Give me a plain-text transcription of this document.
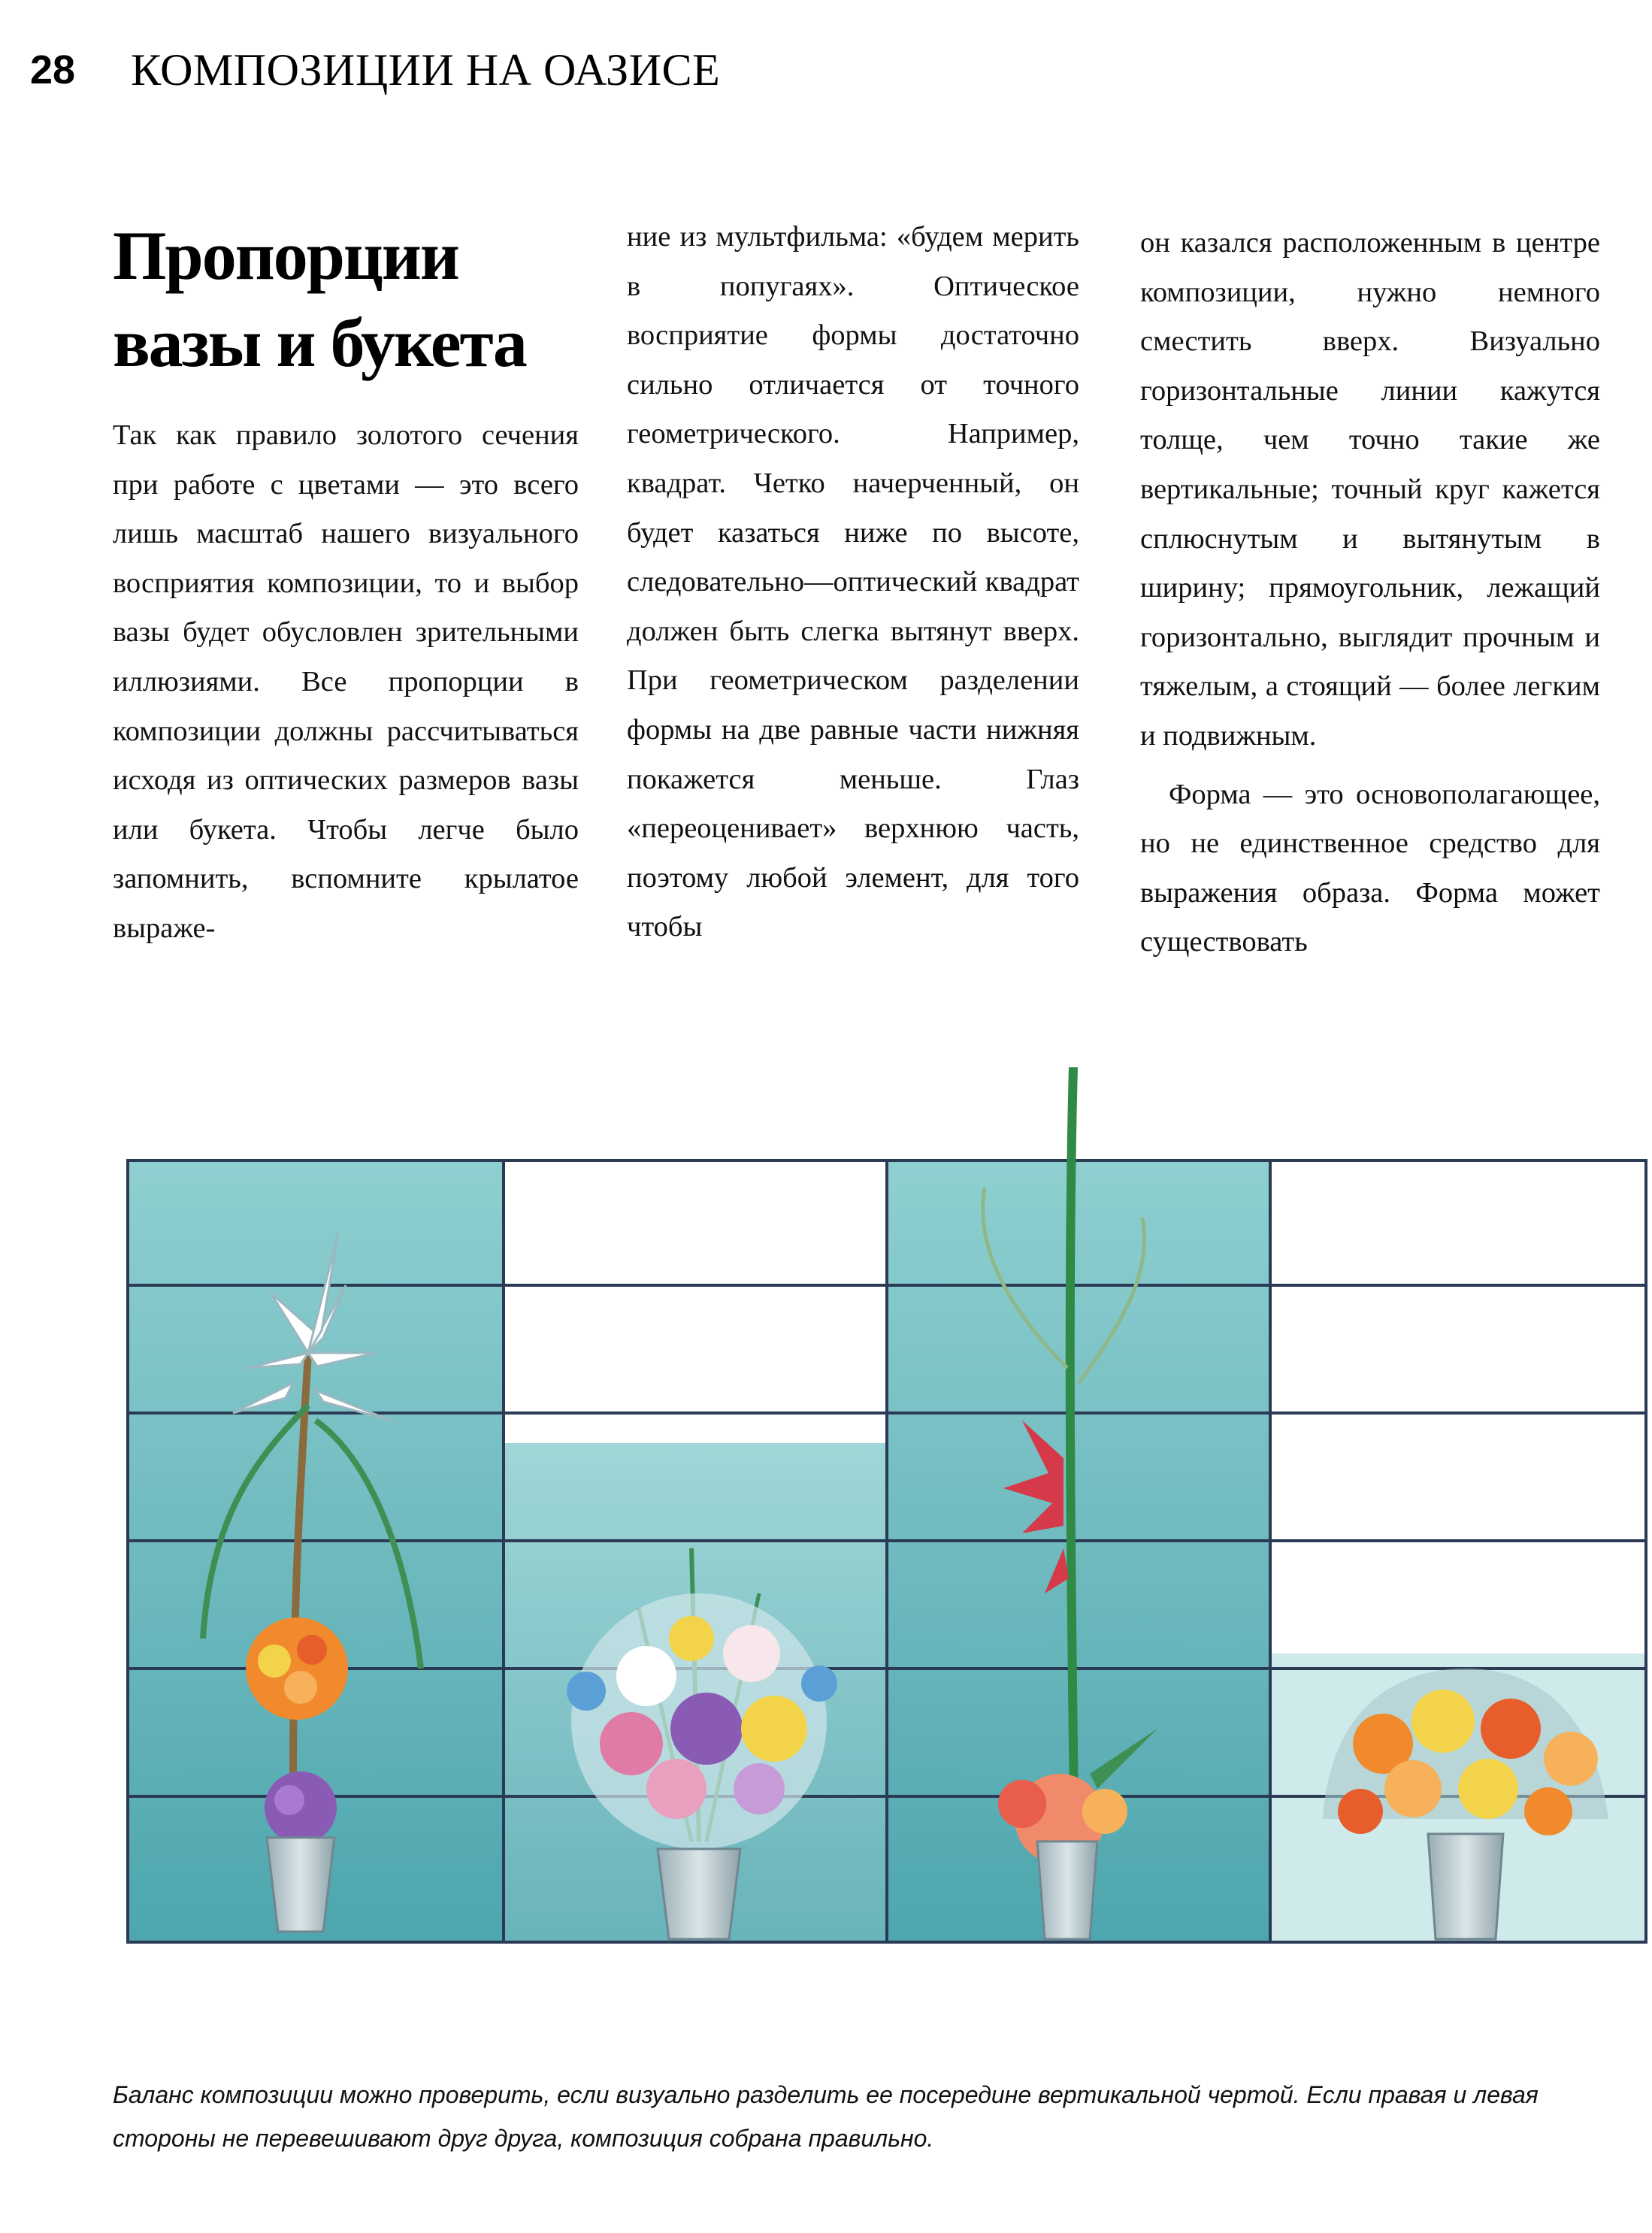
28 КОМПОЗИЦИИ НА ОАЗИСЕ
Пропорции
вазы и букета

Так как правило золотого сечения при работе с цветами — это всего лишь масштаб нашего визуального восприятия композиции, то и выбор вазы будет обусловлен зрительными иллюзиями. Все пропорции в композиции должны рассчитываться исходя из оптических размеров вазы или букета. Чтобы легче было запомнить, вспомните крылатое выраже-

ние из мультфильма: «будем мерить в попугаях». Оптическое восприятие формы достаточно сильно отличается от точного геометрического. Например, квадрат. Четко начерченный, он будет казаться ниже по высоте, следовательно—оптический квадрат должен быть слегка вытянут вверх. При геометрическом разделении формы на две равные части нижняя покажется меньше. Глаз «переоценивает» верхнюю часть, поэтому любой элемент, для того чтобы

он казался расположенным в центре композиции, нужно немного сместить вверх. Визуально горизонтальные линии кажутся толще, чем точно такие же вертикальные; точный круг кажется сплюснутым и вытянутым в ширину; прямоугольник, лежащий горизонтально, выглядит прочным и тяжелым, а стоящий — более легким и подвижным.

Форма — это основополагающее, но не единственное средство для выражения образа. Форма может существовать

Баланс композиции можно проверить, если визуально разделить ее посередине вертикальной чертой. Если правая и левая стороны не перевешивают друг друга, композиция собрана правильно.
